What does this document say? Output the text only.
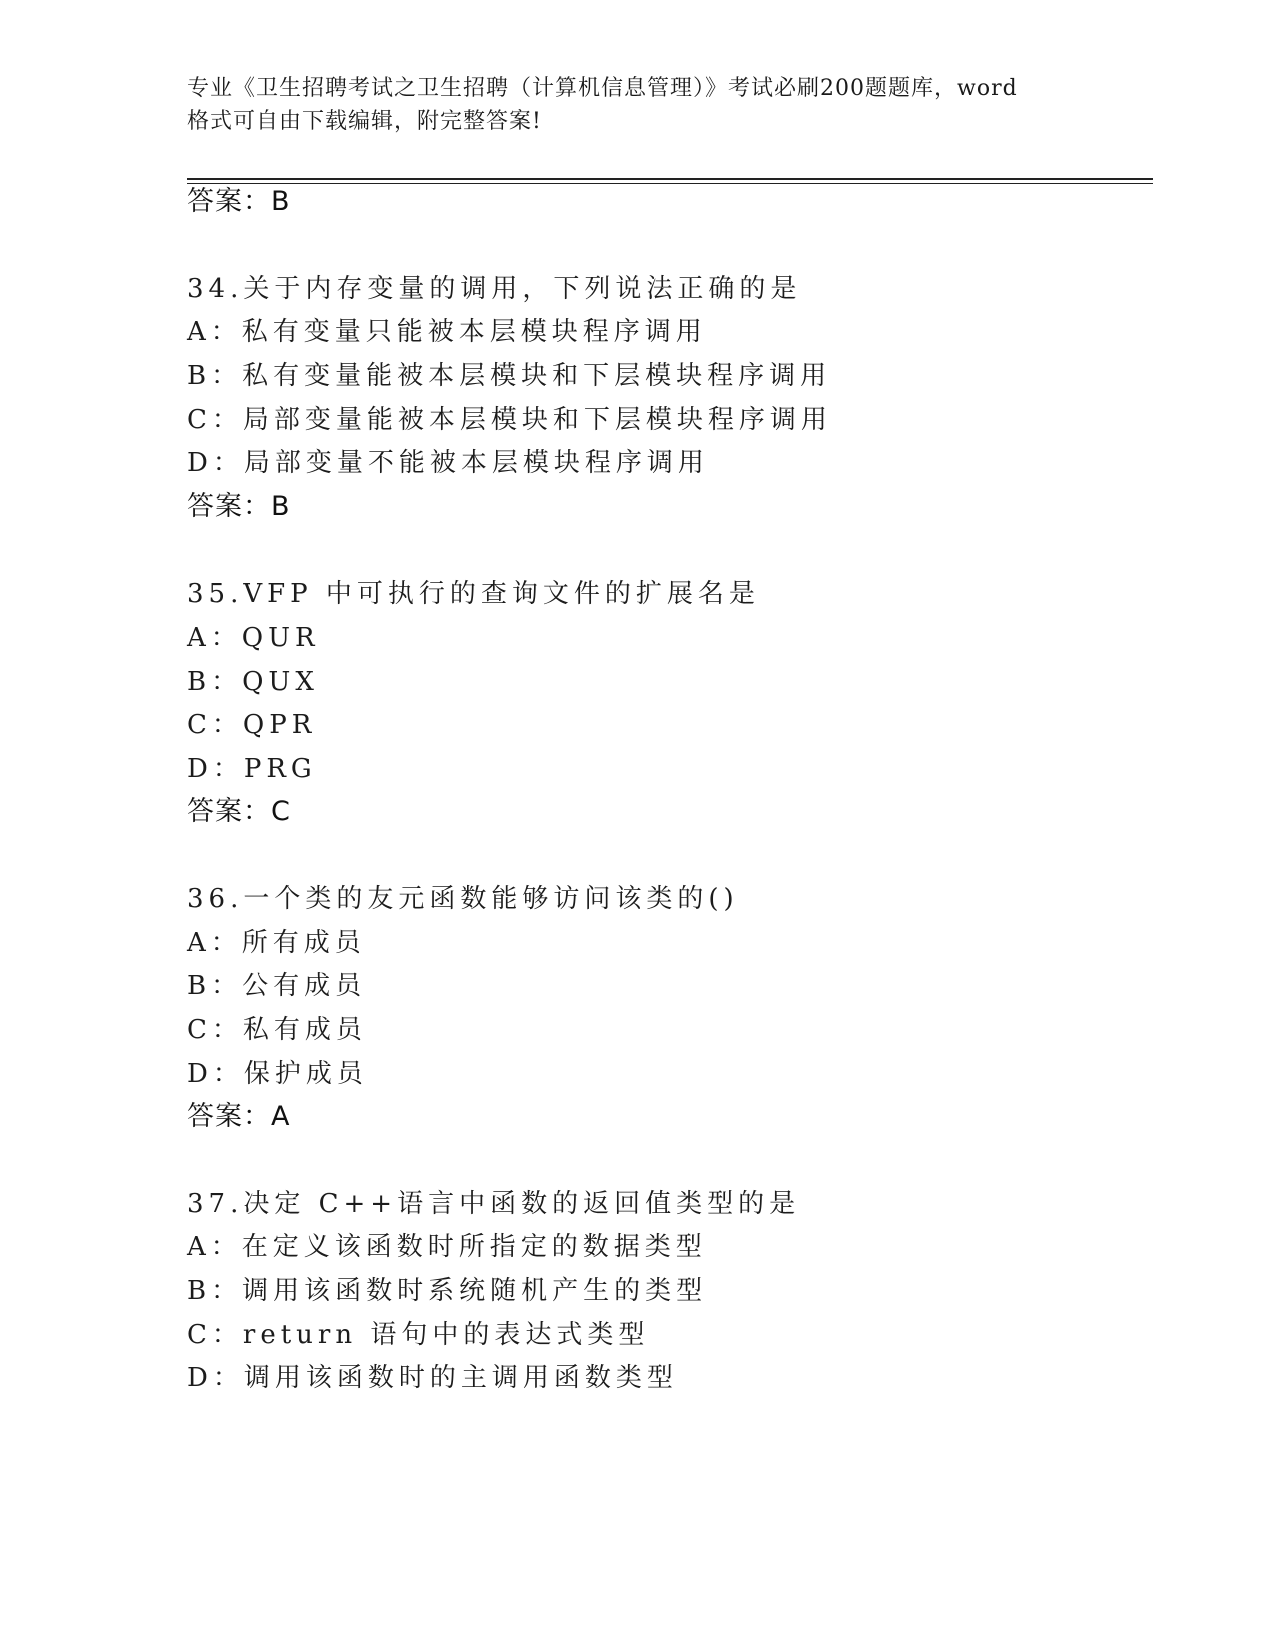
专业《卫生招聘考试之卫生招聘（计算机信息管理）》考试必刷200题题库，word
格式可自由下载编辑，附完整答案!
答案：B
34.关于内存变量的调用，下列说法正确的是
A：私有变量只能被本层模块程序调用
B：私有变量能被本层模块和下层模块程序调用
C：局部变量能被本层模块和下层模块程序调用
D：局部变量不能被本层模块程序调用
答案：B
35.VFP 中可执行的查询文件的扩展名是
A：QUR
B：QUX
C：QPR
D：PRG
答案：C
36.一个类的友元函数能够访问该类的()
A：所有成员
B：公有成员
C：私有成员
D：保护成员
答案：A
37.决定 C++语言中函数的返回值类型的是
A：在定义该函数时所指定的数据类型
B：调用该函数时系统随机产生的类型
C：return 语句中的表达式类型
D：调用该函数时的主调用函数类型
